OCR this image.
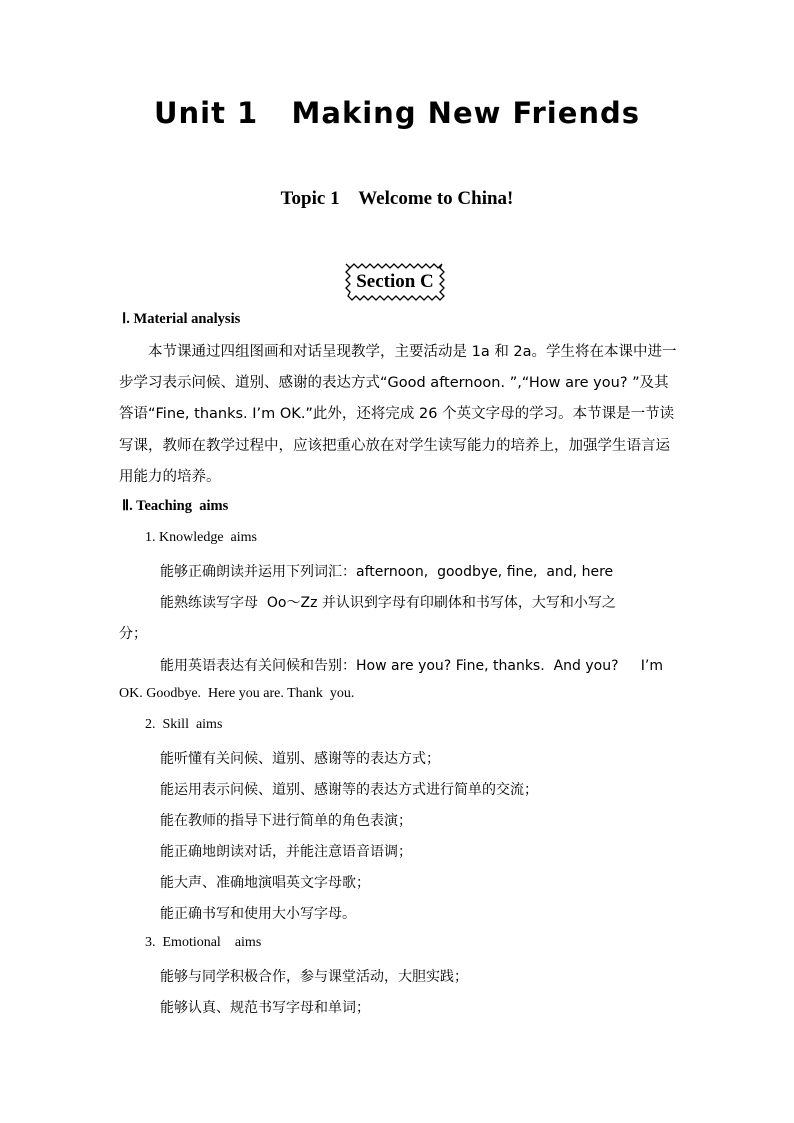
Unit 1   Making New Friends
Topic 1    Welcome to China!
Section C
Ⅰ. Material analysis
本节课通过四组图画和对话呈现教学，主要活动是 1a 和 2a。学生将在本课中进一步学习表示问候、道别、感谢的表达方式“Good afternoon. ”,“How are you? ”及其答语“Fine, thanks. I’m OK.”此外，还将完成 26 个英文字母的学习。本节课是一节读写课，教师在教学过程中，应该把重心放在对学生读写能力的培养上，加强学生语言运用能力的培养。
Ⅱ. Teaching  aims
1. Knowledge  aims
能够正确朗读并运用下列词汇：afternoon,  goodbye, fine,  and, here
能熟练读写字母  Oo～Zz 并认识到字母有印刷体和书写体，大写和小写之
分；
能用英语表达有关问候和告别：How are you? Fine, thanks.  And you?     I’m
OK. Goodbye.  Here you are. Thank  you.
2.  Skill  aims
能听懂有关问候、道别、感谢等的表达方式；
能运用表示问候、道别、感谢等的表达方式进行简单的交流；
能在教师的指导下进行简单的角色表演；
能正确地朗读对话，并能注意语音语调；
能大声、准确地演唱英文字母歌；
能正确书写和使用大小写字母。
3.  Emotional    aims
能够与同学积极合作，参与课堂活动，大胆实践；
能够认真、规范书写字母和单词；
